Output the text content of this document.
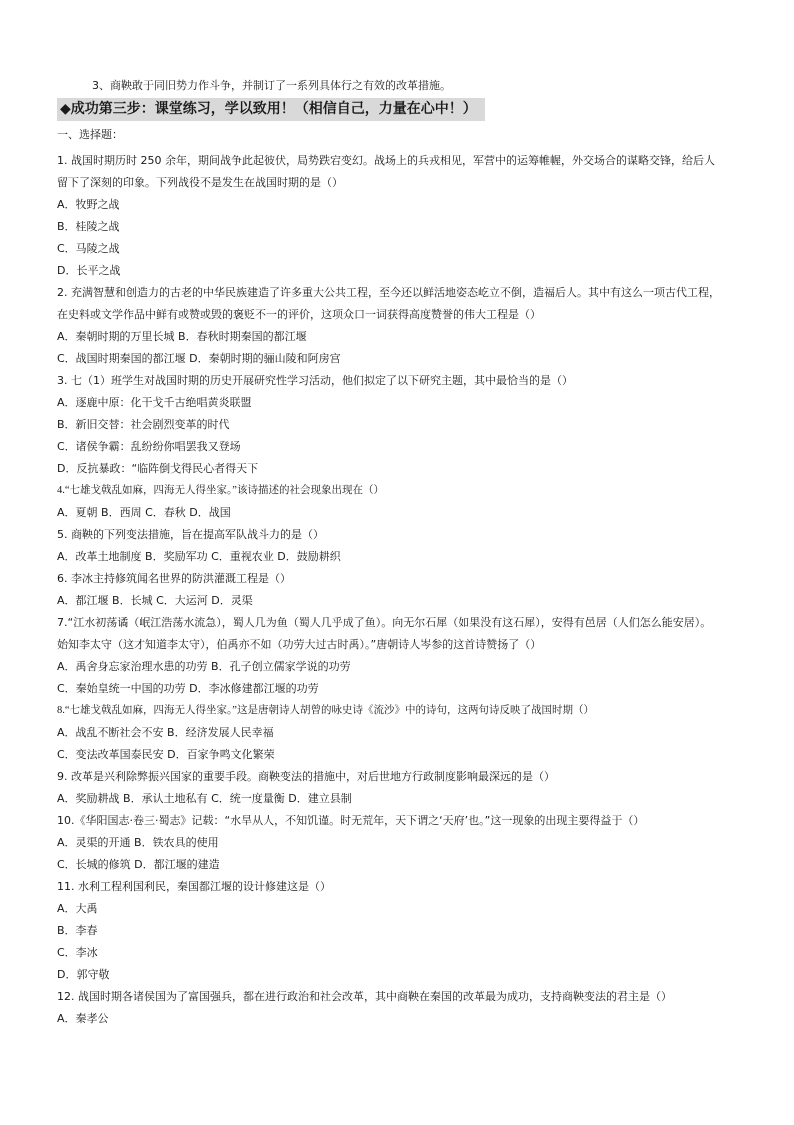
3、商鞅敢于同旧势力作斗争，并制订了一系列具体行之有效的改革措施。
◆成功第三步：课堂练习，学以致用！（相信自己，力量在心中！）
一、选择题：
1. 战国时期历时 250 余年，期间战争此起彼伏，局势跌宕变幻。战场上的兵戎相见，军营中的运筹帷幄，外交场合的谋略交锋，给后人
留下了深刻的印象。下列战役不是发生在战国时期的是（）
A．牧野之战
B．桂陵之战
C．马陵之战
D．长平之战
2. 充满智慧和创造力的古老的中华民族建造了许多重大公共工程，至今还以鲜活地姿态屹立不倒，造福后人。其中有这么一项古代工程，
在史料或文学作品中鲜有或赞或毁的褒贬不一的评价，这项众口一词获得高度赞誉的伟大工程是（）
A．秦朝时期的万里长城 B．春秋时期秦国的都江堰
C．战国时期秦国的都江堰 D．秦朝时期的骊山陵和阿房宫
3. 七（1）班学生对战国时期的历史开展研究性学习活动，他们拟定了以下研究主题，其中最恰当的是（）
A．逐鹿中原：化干戈千古绝唱黄炎联盟
B．新旧交替：社会剧烈变革的时代
C．诸侯争霸：乱纷纷你唱罢我又登场
D．反抗暴政：“临阵倒戈得民心者得天下
4.“七雄戈戟乱如麻，四海无人得坐家。”该诗描述的社会现象出现在（）
A．夏朝 B．西周 C．春秋 D．战国
5. 商鞅的下列变法措施，旨在提高军队战斗力的是（）
A．改革土地制度 B．奖励军功 C．重视农业 D．鼓励耕织
6. 李冰主持修筑闻名世界的防洪灌溉工程是（）
A．都江堰 B．长城 C．大运河 D．灵渠
7.“江水初荡谲（岷江浩荡水流急），蜀人几为鱼（蜀人几乎成了鱼）。向无尔石犀（如果没有这石犀），安得有邑居（人们怎么能安居）。
始知李太守（这才知道李太守），伯禹亦不如（功劳大过古时禹）。”唐朝诗人岑参的这首诗赞扬了（）
A．禹舍身忘家治理水患的功劳 B．孔子创立儒家学说的功劳
C．秦始皇统一中国的功劳 D．李冰修建都江堰的功劳
8.“七雄戈戟乱如麻，四海无人得坐家。”这是唐朝诗人胡曾的咏史诗《流沙》中的诗句，这两句诗反映了战国时期（）
A．战乱不断社会不安 B．经济发展人民幸福
C．变法改革国泰民安 D．百家争鸣文化繁荣
9. 改革是兴利除弊振兴国家的重要手段。商鞅变法的措施中，对后世地方行政制度影响最深远的是（）
A．奖励耕战 B．承认土地私有 C．统一度量衡 D．建立县制
10.《华阳国志·卷三·蜀志》记载：“水旱从人，不知饥谨。时无荒年，天下谓之‘天府’也。”这一现象的出现主要得益于（）
A．灵渠的开通 B．铁农具的使用
C．长城的修筑 D．都江堰的建造
11. 水利工程利国利民，秦国都江堰的设计修建这是（）
A．大禹
B．李春
C．李冰
D．郭守敬
12. 战国时期各诸侯国为了富国强兵，都在进行政治和社会改革，其中商鞅在秦国的改革最为成功，支持商鞅变法的君主是（）
A．秦孝公
